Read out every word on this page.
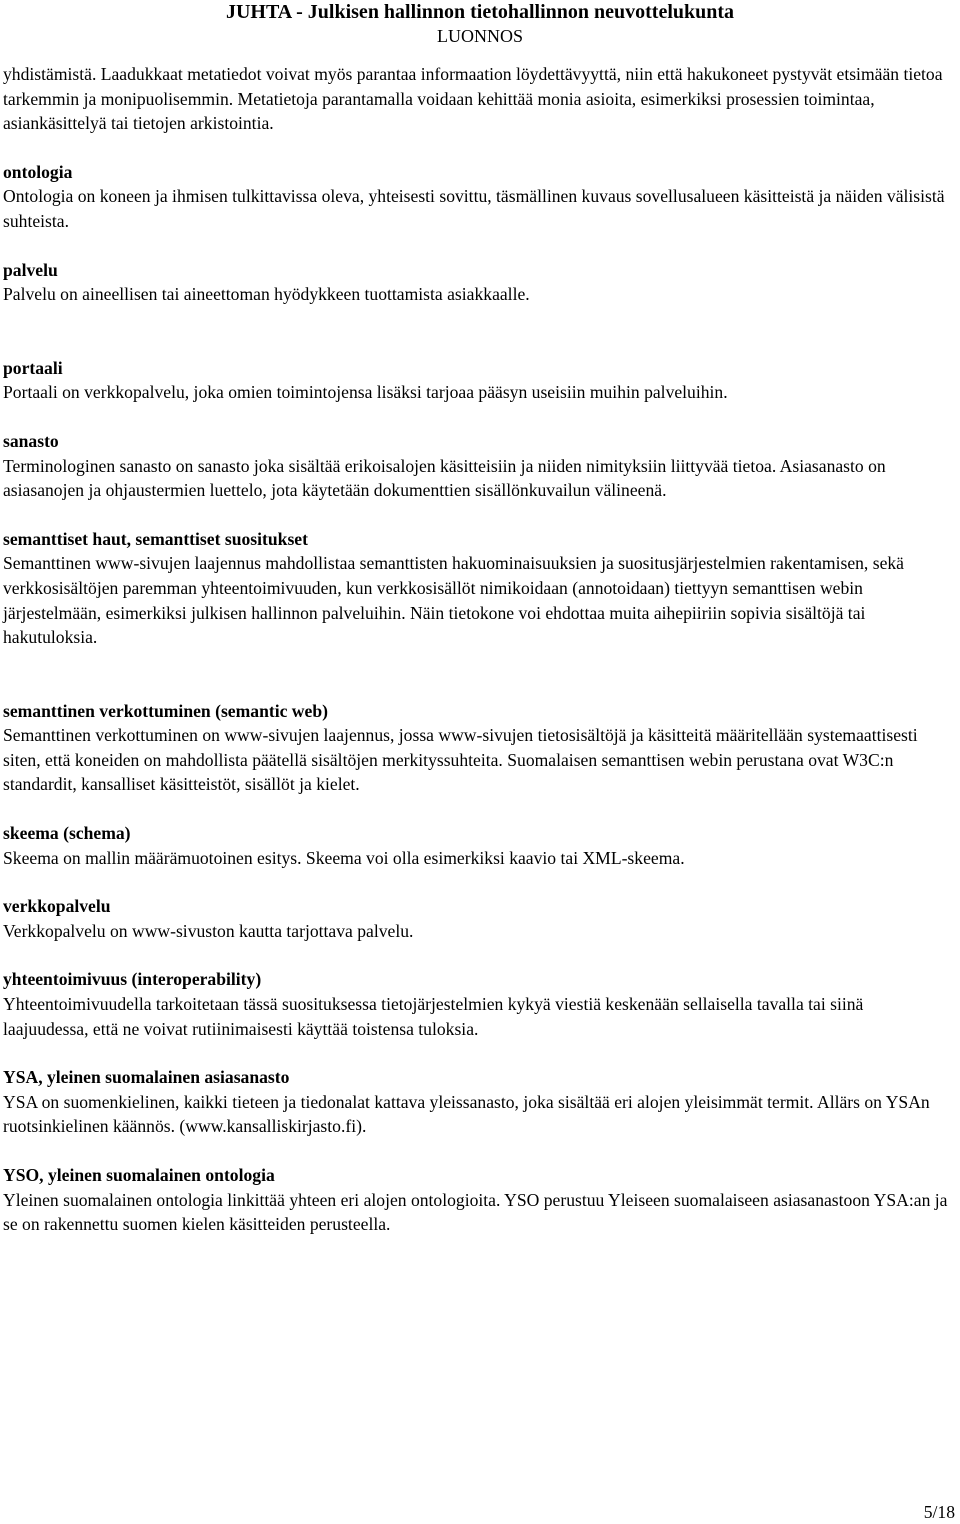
JUHTA - Julkisen hallinnon tietohallinnon neuvottelukunta
LUONNOS

yhdistämistä. Laadukkaat metatiedot voivat myös parantaa informaation löydettävyyttä, niin että hakukoneet pystyvät etsimään tietoa tarkemmin ja monipuolisemmin. Metatietoja parantamalla voidaan kehittää monia asioita, esimerkiksi prosessien toimintaa, asiankäsittelyä tai tietojen arkistointia.

ontologia

Ontologia on koneen ja ihmisen tulkittavissa oleva, yhteisesti sovittu, täsmällinen kuvaus sovellusalueen käsitteistä ja näiden välisistä suhteista.

palvelu

Palvelu on aineellisen tai aineettoman hyödykkeen tuottamista asiakkaalle.

portaali

Portaali on verkkopalvelu, joka omien toimintojensa lisäksi tarjoaa pääsyn useisiin muihin palveluihin.

sanasto

Terminologinen sanasto on sanasto joka sisältää erikoisalojen käsitteisiin ja niiden nimityksiin liittyvää tietoa. Asiasanasto on asiasanojen ja ohjaustermien luettelo, jota käytetään dokumenttien sisällönkuvailun välineenä.

semanttiset haut, semanttiset suositukset

Semanttinen www-sivujen laajennus mahdollistaa semanttisten hakuominaisuuksien ja suositusjärjestelmien rakentamisen, sekä verkkosisältöjen paremman yhteentoimivuuden, kun verkkosisällöt nimikoidaan (annotoidaan) tiettyyn semanttisen webin järjestelmään, esimerkiksi julkisen hallinnon palveluihin. Näin tietokone voi ehdottaa muita aihepiiriin sopivia sisältöjä tai hakutuloksia.

semanttinen verkottuminen (semantic web)

Semanttinen verkottuminen on www-sivujen laajennus, jossa www-sivujen tietosisältöjä ja käsitteitä määritellään systemaattisesti siten, että koneiden on mahdollista päätellä sisältöjen merkityssuhteita. Suomalaisen semanttisen webin perustana ovat W3C:n standardit, kansalliset käsitteistöt, sisällöt ja kielet.

skeema (schema)

Skeema on mallin määrämuotoinen esitys. Skeema voi olla esimerkiksi kaavio tai XML-skeema.

verkkopalvelu

Verkkopalvelu on www-sivuston kautta tarjottava palvelu.

yhteentoimivuus (interoperability)

Yhteentoimivuudella tarkoitetaan tässä suosituksessa tietojärjestelmien kykyä viestiä keskenään sellaisella tavalla tai siinä laajuudessa, että ne voivat rutiinimaisesti käyttää toistensa tuloksia.

YSA, yleinen suomalainen asiasanasto

YSA on suomenkielinen, kaikki tieteen ja tiedonalat kattava yleissanasto, joka sisältää eri alojen yleisimmät termit. Allärs on YSAn ruotsinkielinen käännös. (www.kansalliskirjasto.fi).

YSO, yleinen suomalainen ontologia

Yleinen suomalainen ontologia linkittää yhteen eri alojen ontologioita. YSO perustuu Yleiseen suomalaiseen asiasanastoon YSA:an ja se on rakennettu suomen kielen käsitteiden perusteella.

5/18
